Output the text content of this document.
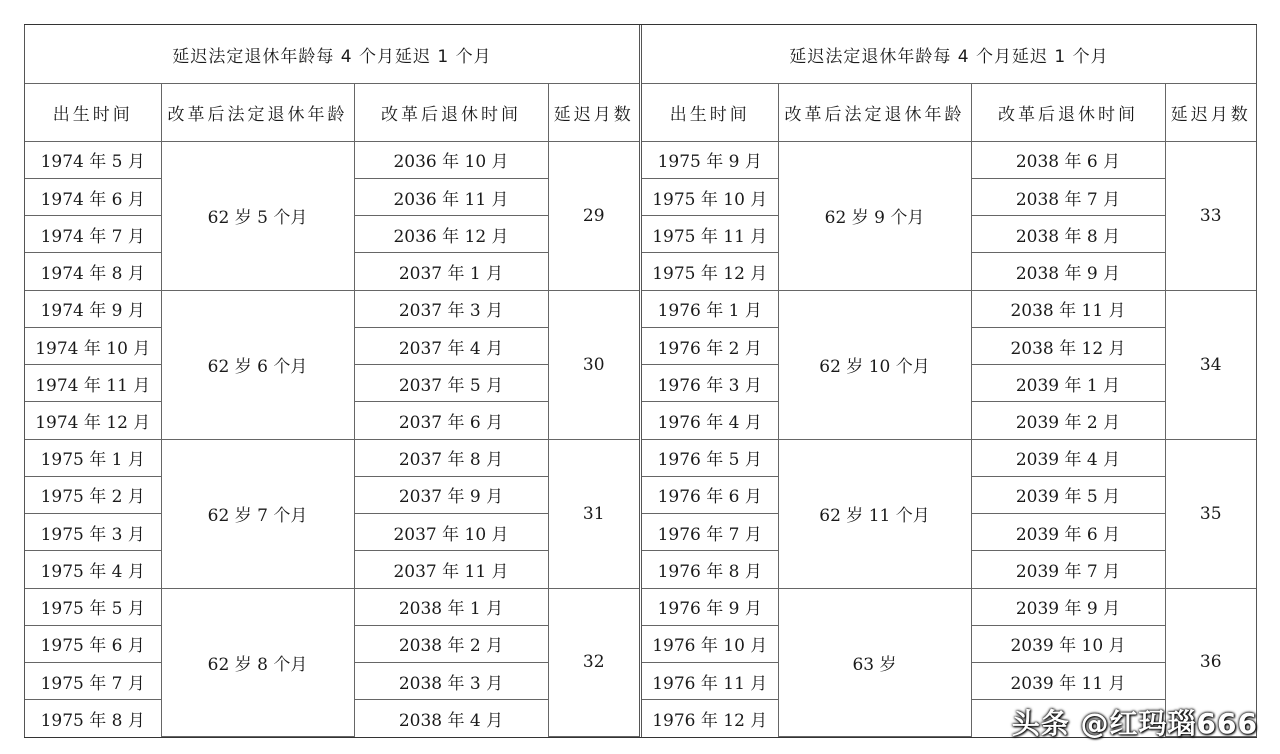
延迟法定退休年龄每 4 个月延迟 1 个月			
出生时间	改革后法定退休年龄	改革后退休时间	延迟月数
1974 年 5 月	62 岁 5 个月	2036 年 10 月	29
1974 年 6 月		2036 年 11 月	
1974 年 7 月		2036 年 12 月	
1974 年 8 月		2037 年 1 月	
1974 年 9 月	62 岁 6 个月	2037 年 3 月	30
1974 年 10 月		2037 年 4 月	
1974 年 11 月		2037 年 5 月	
1974 年 12 月		2037 年 6 月	
1975 年 1 月	62 岁 7 个月	2037 年 8 月	31
1975 年 2 月		2037 年 9 月	
1975 年 3 月		2037 年 10 月	
1975 年 4 月		2037 年 11 月	
1975 年 5 月	62 岁 8 个月	2038 年 1 月	32
1975 年 6 月		2038 年 2 月	
1975 年 7 月		2038 年 3 月	
1975 年 8 月		2038 年 4 月	
延迟法定退休年龄每 4 个月延迟 1 个月			
出生时间	改革后法定退休年龄	改革后退休时间	延迟月数
1975 年 9 月	62 岁 9 个月	2038 年 6 月	33
1975 年 10 月		2038 年 7 月	
1975 年 11 月		2038 年 8 月	
1975 年 12 月		2038 年 9 月	
1976 年 1 月	62 岁 10 个月	2038 年 11 月	34
1976 年 2 月		2038 年 12 月	
1976 年 3 月		2039 年 1 月	
1976 年 4 月		2039 年 2 月	
1976 年 5 月	62 岁 11 个月	2039 年 4 月	35
1976 年 6 月		2039 年 5 月	
1976 年 7 月		2039 年 6 月	
1976 年 8 月		2039 年 7 月	
1976 年 9 月	63 岁	2039 年 9 月	36
1976 年 10 月		2039 年 10 月	
1976 年 11 月		2039 年 11 月	
1976 年 12 月				头条 @红玛瑙666
